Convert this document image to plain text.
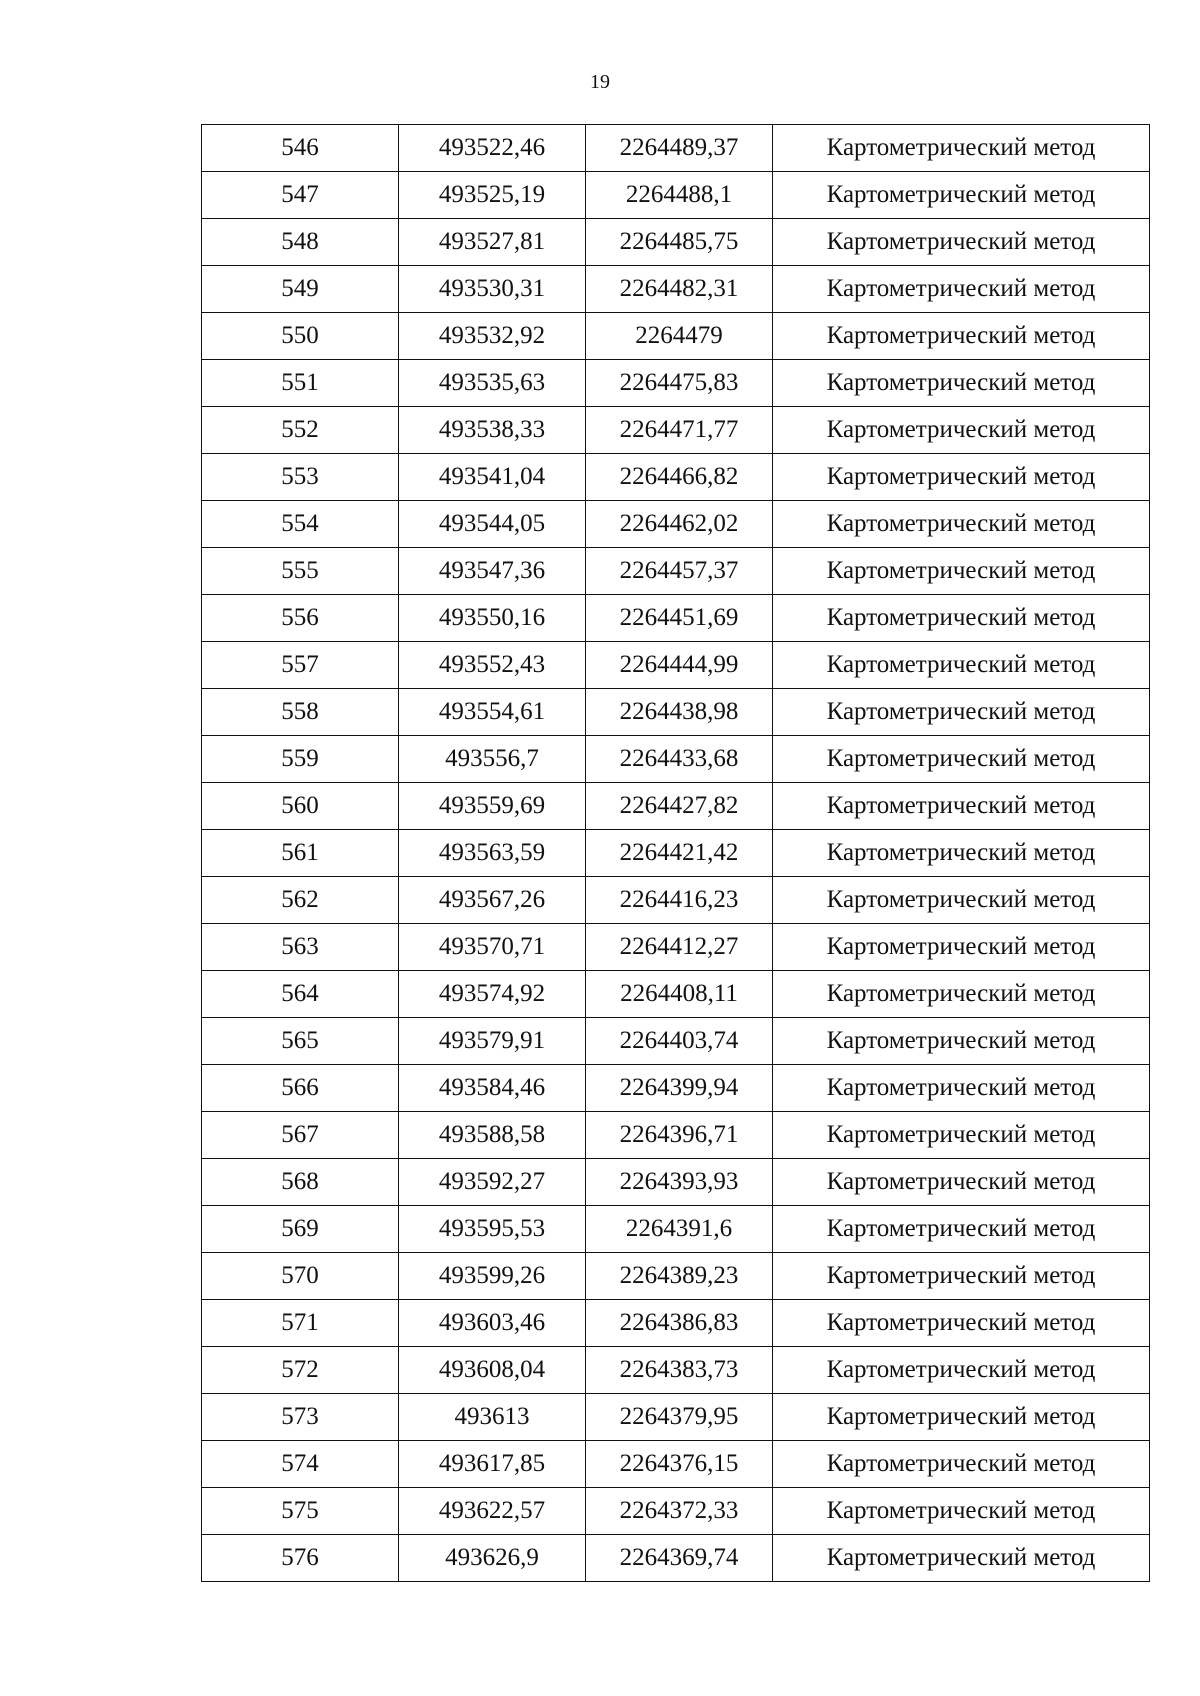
19
546	493522,46	2264489,37	Картометрический метод
547	493525,19	2264488,1	Картометрический метод
548	493527,81	2264485,75	Картометрический метод
549	493530,31	2264482,31	Картометрический метод
550	493532,92	2264479	Картометрический метод
551	493535,63	2264475,83	Картометрический метод
552	493538,33	2264471,77	Картометрический метод
553	493541,04	2264466,82	Картометрический метод
554	493544,05	2264462,02	Картометрический метод
555	493547,36	2264457,37	Картометрический метод
556	493550,16	2264451,69	Картометрический метод
557	493552,43	2264444,99	Картометрический метод
558	493554,61	2264438,98	Картометрический метод
559	493556,7	2264433,68	Картометрический метод
560	493559,69	2264427,82	Картометрический метод
561	493563,59	2264421,42	Картометрический метод
562	493567,26	2264416,23	Картометрический метод
563	493570,71	2264412,27	Картометрический метод
564	493574,92	2264408,11	Картометрический метод
565	493579,91	2264403,74	Картометрический метод
566	493584,46	2264399,94	Картометрический метод
567	493588,58	2264396,71	Картометрический метод
568	493592,27	2264393,93	Картометрический метод
569	493595,53	2264391,6	Картометрический метод
570	493599,26	2264389,23	Картометрический метод
571	493603,46	2264386,83	Картометрический метод
572	493608,04	2264383,73	Картометрический метод
573	493613	2264379,95	Картометрический метод
574	493617,85	2264376,15	Картометрический метод
575	493622,57	2264372,33	Картометрический метод
576	493626,9	2264369,74	Картометрический метод
